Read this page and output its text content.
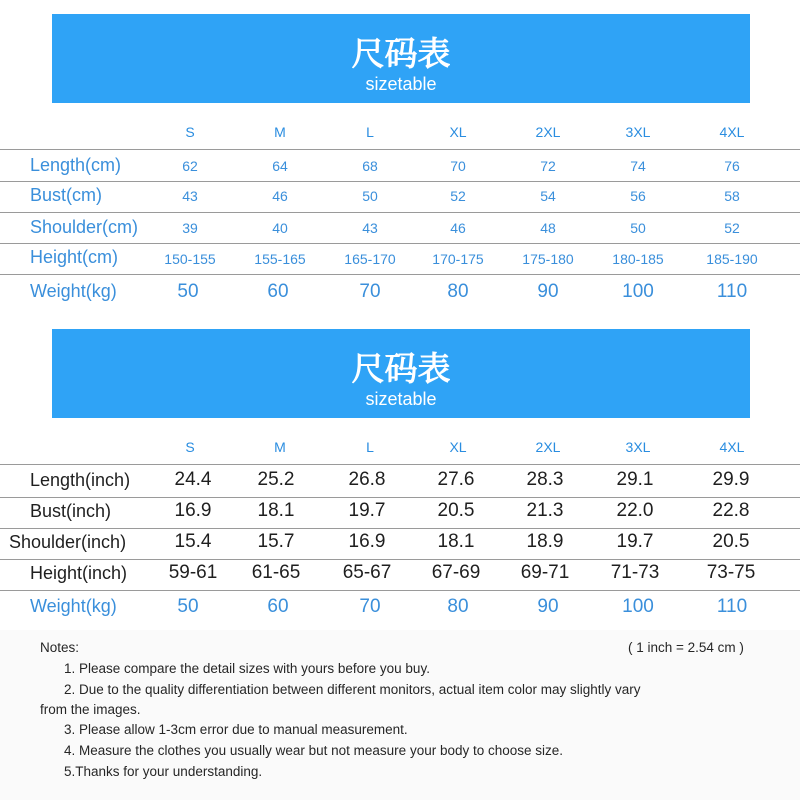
尺码表
sizetable
S	M	L	XL	2XL	3XL	4XL
Length(cm)	62	64	68	70	72	74	76
Bust(cm)	43	46	50	52	54	56	58
Shoulder(cm)	39	40	43	46	48	50	52
Height(cm)	150-155	155-165	165-170	170-175	175-180	180-185	185-190
Weight(kg)	50	60	70	80	90	100	110
尺码表
sizetable
S	M	L	XL	2XL	3XL	4XL
Length(inch)	24.4	25.2	26.8	27.6	28.3	29.1	29.9
Bust(inch)	16.9	18.1	19.7	20.5	21.3	22.0	22.8
Shoulder(inch)	15.4	15.7	16.9	18.1	18.9	19.7	20.5
Height(inch)	59-61	61-65	65-67	67-69	69-71	71-73	73-75
Weight(kg)	50	60	70	80	90	100	110
Notes:	( 1 inch = 2.54 cm )
1. Please compare the detail sizes with yours before you buy.
2. Due to the quality differentiation between different monitors, actual item color may slightly vary
from the images.
3. Please allow 1-3cm error due to manual measurement.
4. Measure the clothes you usually wear but not measure your body to choose size.
5.Thanks for your understanding.
